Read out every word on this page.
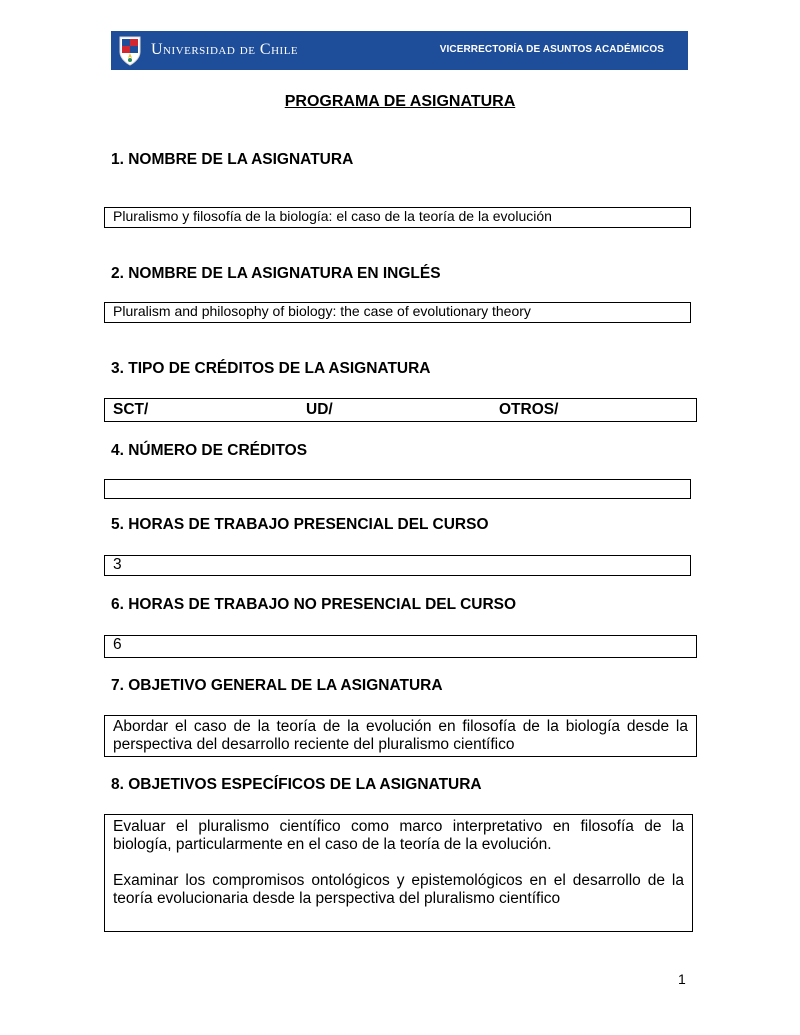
Universidad de Chile	VICERRECTORÍA DE ASUNTOS ACADÉMICOS
PROGRAMA DE ASIGNATURA
1. NOMBRE DE LA ASIGNATURA
Pluralismo y filosofía de la biología: el caso de la teoría de la evolución
2. NOMBRE DE LA ASIGNATURA EN INGLÉS
Pluralism and philosophy of biology: the case of evolutionary theory
3. TIPO DE CRÉDITOS DE LA ASIGNATURA
SCT/	UD/	OTROS/
4. NÚMERO DE CRÉDITOS
5. HORAS DE TRABAJO PRESENCIAL DEL CURSO
3
6. HORAS DE TRABAJO NO PRESENCIAL DEL CURSO
6
7. OBJETIVO GENERAL DE LA ASIGNATURA
Abordar el caso de la teoría de la evolución en filosofía de la biología desde la perspectiva del desarrollo reciente del pluralismo científico
8. OBJETIVOS ESPECÍFICOS DE LA ASIGNATURA

Evaluar el pluralismo científico como marco interpretativo en filosofía de la biología, particularmente en el caso de la teoría de la evolución.

Examinar los compromisos ontológicos y epistemológicos en el desarrollo de la teoría evolucionaria desde la perspectiva del pluralismo científico

1
